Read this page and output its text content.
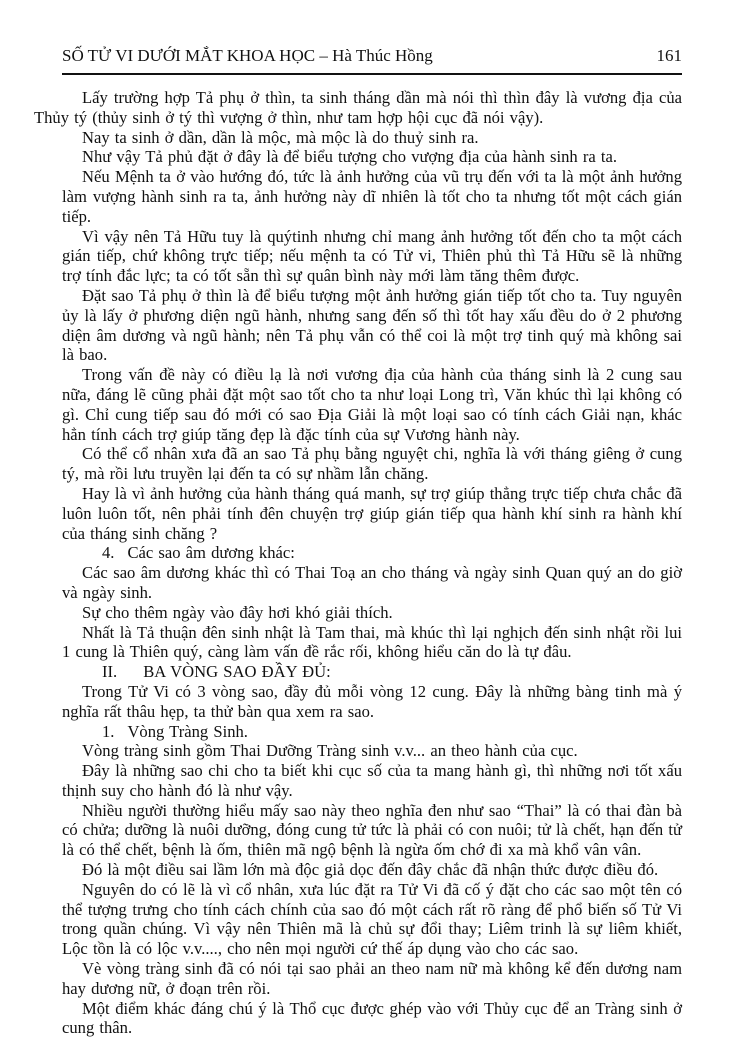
SỐ TỬ VI DƯỚI MẮT KHOA HỌC – Hà Thúc Hồng	161

Lấy trường hợp Tả phụ ở thìn, ta sinh tháng dần mà nói thì thìn đây là vương địa của Thủy tý (thủy sinh ở tý thì vượng ở thìn, như tam hợp hội cục đã nói vậy).

Nay ta sinh ở dần, dần là mộc, mà mộc là do thuỷ sinh ra.

Như vậy Tả phủ đặt ở đây là để biểu tượng cho vượng địa của hành sinh ra ta.

Nếu Mệnh ta ở vào hướng đó, tức là ảnh hưởng của vũ trụ đến với ta là một ảnh hưởng làm vượng hành sinh ra ta, ảnh hưởng này dĩ nhiên là tốt cho ta nhưng tốt một cách gián tiếp.

Vì vậy nên Tả Hữu tuy là quýtinh nhưng chỉ mang ảnh hưởng tốt đến cho ta một cách gián tiếp, chứ không trực tiếp; nếu mệnh ta có Tử vi, Thiên phủ thì Tả Hữu sẽ là những trợ tính đắc lực; ta có tốt sẵn thì sự quân bình này mới làm tăng thêm được.

Đặt sao Tả phụ ở thìn là để biểu tượng một ảnh hưởng gián tiếp tốt cho ta. Tuy nguyên ủy là lấy ở phương diện ngũ hành, nhưng sang đến số thì tốt hay xấu đều do ở 2 phương diện âm dương và ngũ hành; nên Tả phụ vẫn có thể coi là một trợ tinh quý mà không sai là bao.

Trong vấn đề này có điều lạ là nơi vương địa của hành của tháng sinh là 2 cung sau nữa, đáng lẽ cũng phải đặt một sao tốt cho ta như loại Long trì, Văn khúc thì lại không có gì. Chỉ cung tiếp sau đó mới có sao Địa Giải là một loại sao có tính cách Giải nạn, khác hẳn tính cách trợ giúp tăng đẹp là đặc tính của sự Vương hành này.

Có thể cổ nhân xưa đã an sao Tả phụ bằng nguyệt chi, nghĩa là với tháng giêng ở cung tý, mà rồi lưu truyền lại đến ta có sự nhầm lẫn chăng.

Hay là vì ảnh hưởng của hành tháng quá manh, sự trợ giúp thẳng trực tiếp chưa chắc đã luôn luôn tốt, nên phải tính đên chuyện trợ giúp gián tiếp qua hành khí sinh ra hành khí của tháng sinh chăng ?

4. Các sao âm dương khác:

Các sao âm dương khác thì có Thai Toạ an cho tháng và ngày sinh Quan quý an do giờ và ngày sinh.

Sự cho thêm ngày vào đây hơi khó giải thích.

Nhất là Tả thuận đên sinh nhật là Tam thai, mà khúc thì lại nghịch đến sinh nhật rồi lui 1 cung là Thiên quý, càng làm vấn đề rắc rối, không hiểu căn do là tự đâu.

II. BA VÒNG SAO ĐẦY ĐỦ:

Trong Tử Vi có 3 vòng sao, đầy đủ mỗi vòng 12 cung. Đây là những bàng tinh mà ý nghĩa rất thâu hẹp, ta thử bàn qua xem ra sao.

1. Vòng Tràng Sinh.

Vòng tràng sinh gồm Thai Dưỡng Tràng sinh v.v... an theo hành của cục.

Đây là những sao chi cho ta biết khi cục số của ta mang hành gì, thì những nơi tốt xấu thịnh suy cho hành đó là như vậy.

Nhiều người thường hiểu mấy sao này theo nghĩa đen như sao “Thai” là có thai đàn bà có chửa; dưỡng là nuôi dưỡng, đóng cung tử tức là phải có con nuôi; tử là chết, hạn đến tử là có thể chết, bệnh là ốm, thiên mã ngộ bệnh là ngừa ốm chớ đi xa mà khổ vân vân.

Đó là một điều sai lầm lớn mà độc giả dọc đến đây chắc đã nhận thức được điều đó.

Nguyên do có lẽ là vì cổ nhân, xưa lúc đặt ra Tử Vi đã cố ý đặt cho các sao một tên có thể tượng trưng cho tính cách chính của sao đó một cách rất rõ ràng để phổ biến số Tử Vi trong quần chúng. Vì vậy nên Thiên mã là chủ sự đổi thay; Liêm trinh là sự liêm khiết, Lộc tồn là có lộc v.v...., cho nên mọi người cứ thế áp dụng vào cho các sao.

Vè vòng tràng sinh đã có nói tại sao phải an theo nam nữ mà không kể đến dương nam hay dương nữ, ở đoạn trên rồi.

Một điểm khác đáng chú ý là Thổ cục được ghép vào với Thủy cục để an Tràng sinh ở cung thân.
